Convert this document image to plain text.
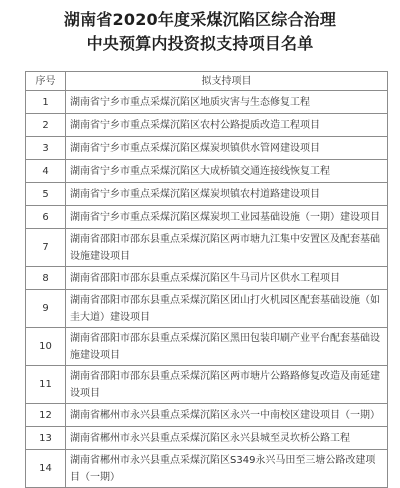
湖南省2020年度采煤沉陷区综合治理
中央预算内投资拟支持项目名单
序号	拟支持项目
1	湖南省宁乡市重点采煤沉陷区地质灾害与生态修复工程
2	湖南省宁乡市重点采煤沉陷区农村公路提质改造工程项目
3	湖南省宁乡市重点采煤沉陷区煤炭坝镇供水管网建设项目
4	湖南省宁乡市重点采煤沉陷区大成桥镇交通连接线恢复工程
5	湖南省宁乡市重点采煤沉陷区煤炭坝镇农村道路建设项目
6	湖南省宁乡市重点采煤沉陷区煤炭坝工业园基础设施（一期）建设项目
7	湖南省邵阳市邵东县重点采煤沉陷区两市塘九江集中安置区及配套基础设施建设项目
8	湖南省邵阳市邵东县重点采煤沉陷区牛马司片区供水工程项目
9	湖南省邵阳市邵东县重点采煤沉陷区团山打火机园区配套基础设施（如圭大道）建设项目
10	湖南省邵阳市邵东县重点采煤沉陷区黑田包装印刷产业平台配套基础设施建设项目
11	湖南省邵阳市邵东县重点采煤沉陷区两市塘片公路路修复改造及南延建设项目
12	湖南省郴州市永兴县重点采煤沉陷区永兴一中南校区建设项目（一期）
13	湖南省郴州市永兴县重点采煤沉陷区永兴县城至灵坎桥公路工程
14	湖南省郴州市永兴县重点采煤沉陷区S349永兴马田至三塘公路改建项目（一期）
